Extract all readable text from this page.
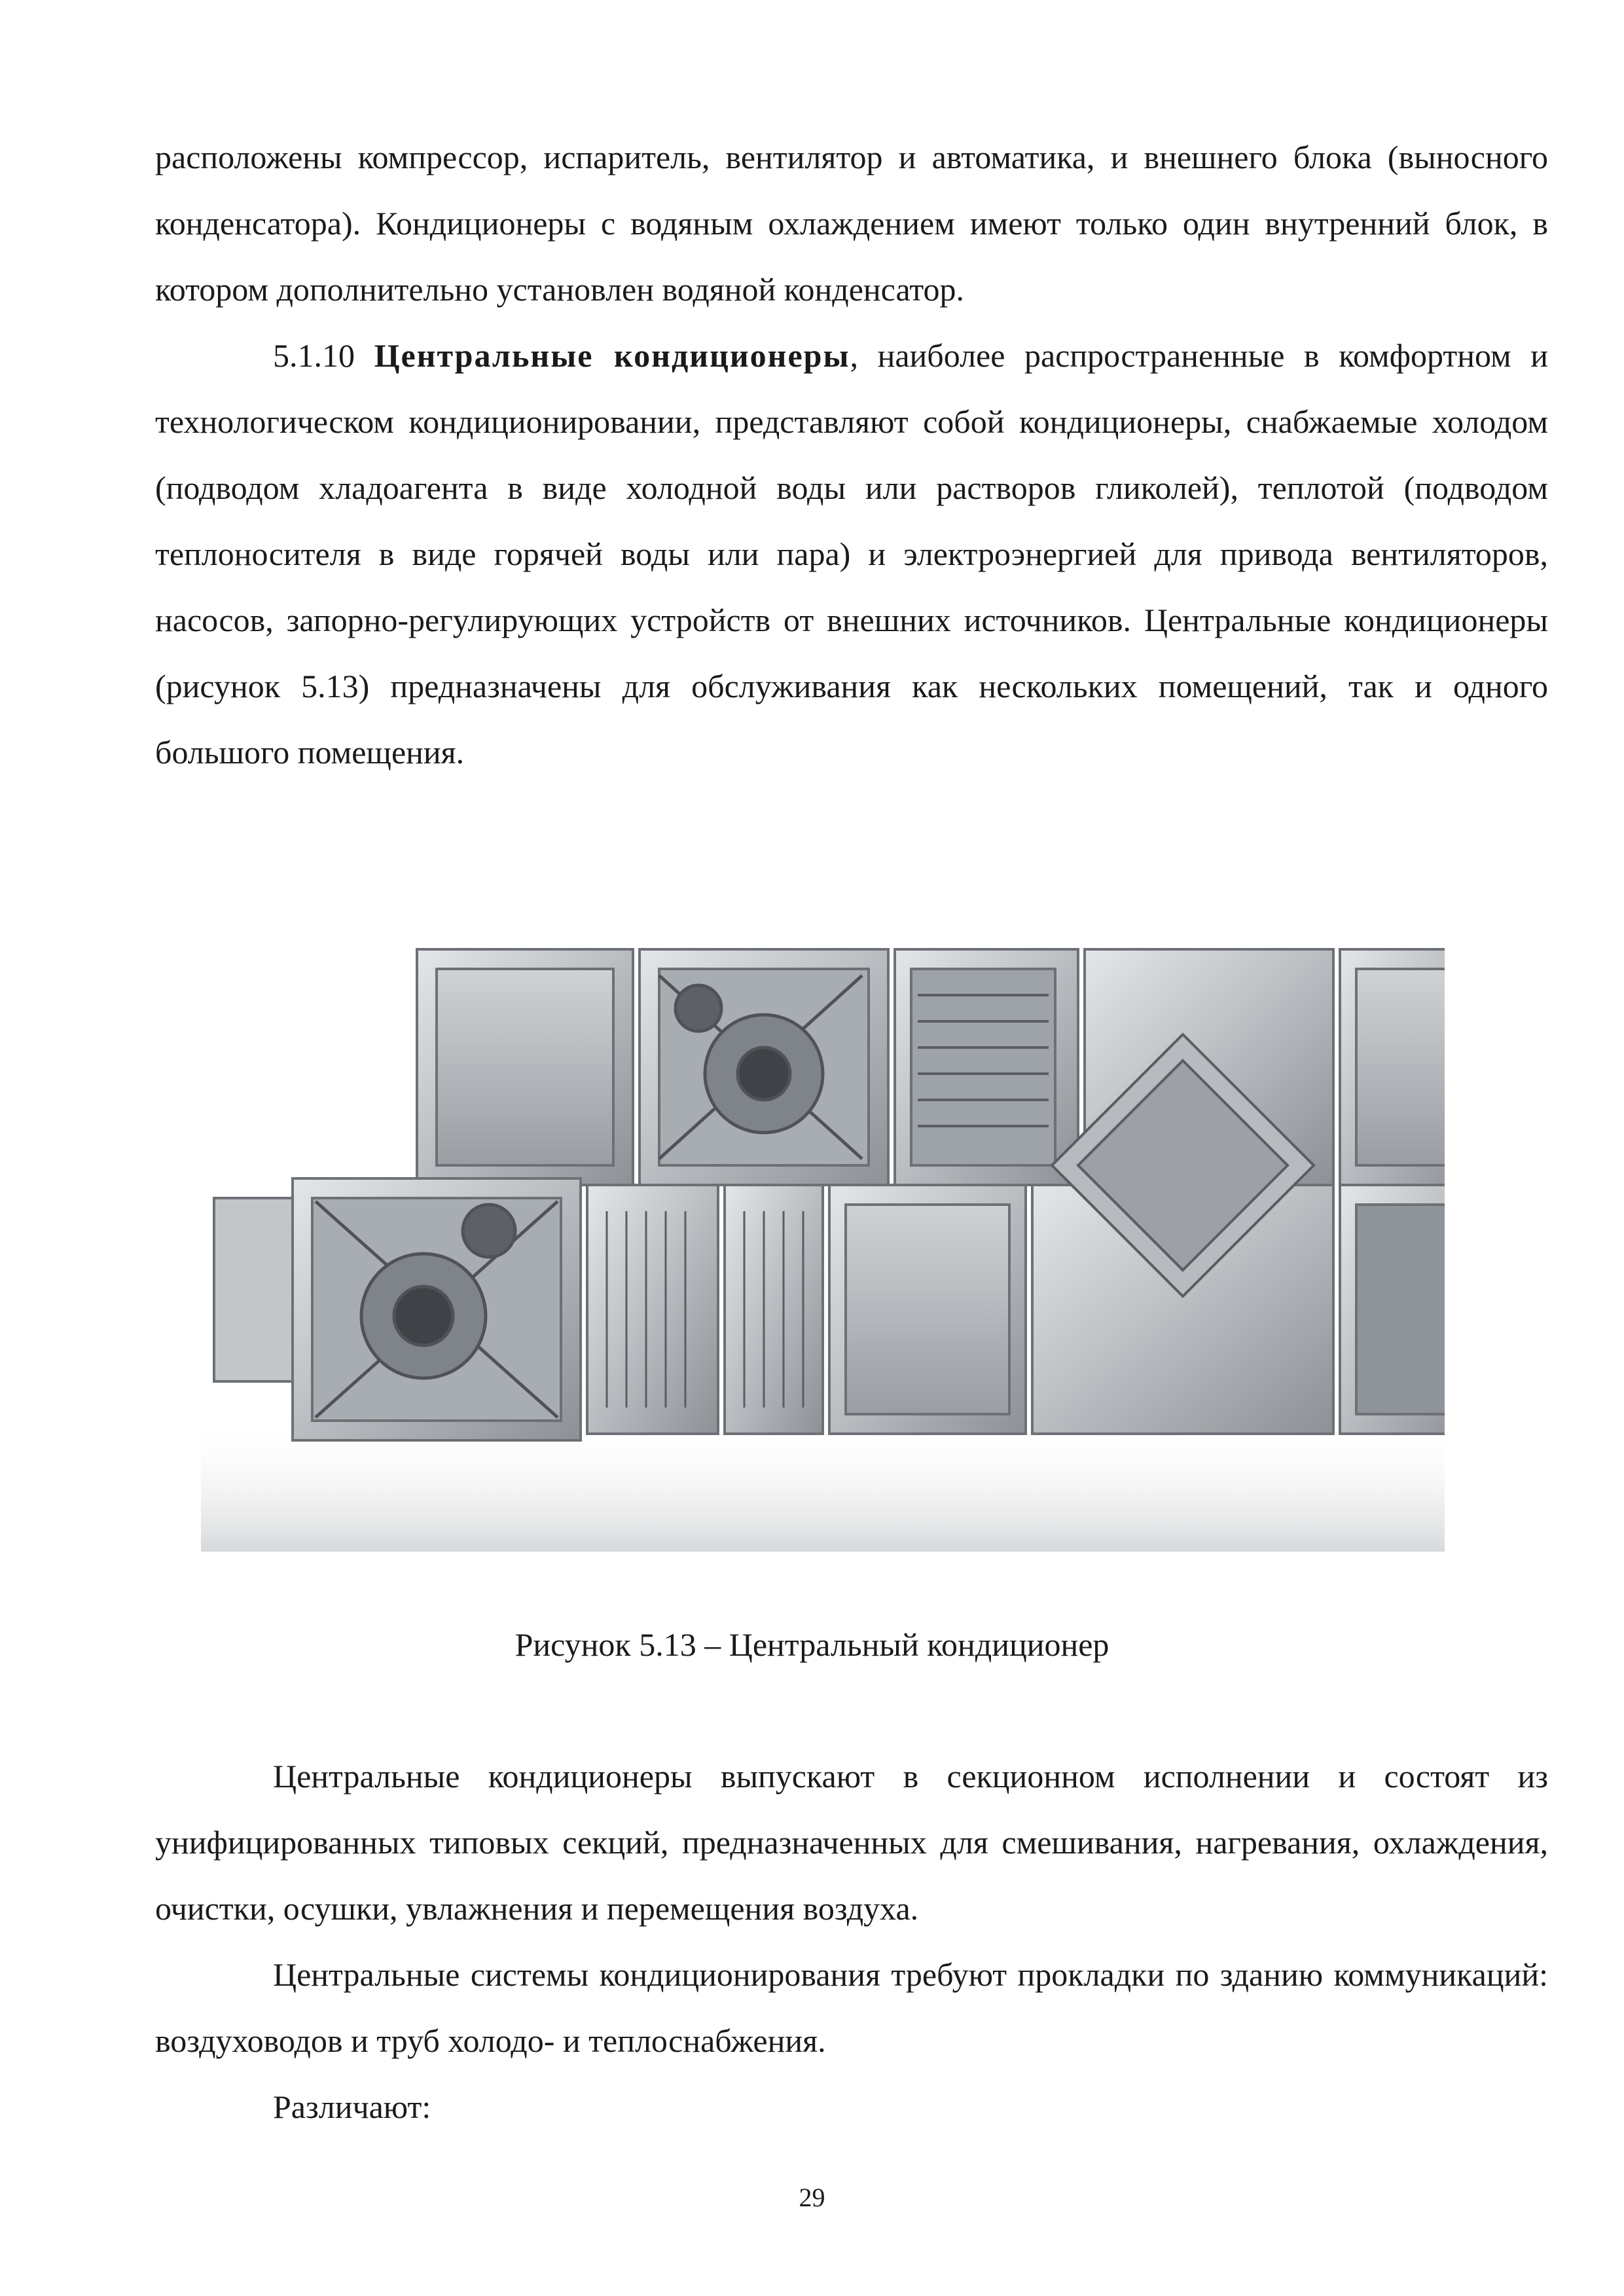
расположены компрессор, испаритель, вентилятор и автоматика, и внешнего блока (выносного конденсатора). Кондиционеры с водяным охлаждением имеют только один внутренний блок, в котором дополнительно установлен водяной конденсатор.

5.1.10 Центральные кондиционеры, наиболее распространенные в комфортном и технологическом кондиционировании, представляют собой кондиционеры, снабжаемые холодом (подводом хладоагента в виде холодной воды или растворов гликолей), теплотой (подводом теплоносителя в виде горячей воды или пара) и электроэнергией для привода вентиляторов, насосов, запорно-регулирующих устройств от внешних источников. Центральные кондиционеры (рисунок 5.13) предназначены для обслуживания как нескольких помещений, так и одного большого помещения.

Рисунок 5.13 – Центральный кондиционер

Центральные кондиционеры выпускают в секционном исполнении и состоят из унифицированных типовых секций, предназначенных для смешивания, нагревания, охлаждения, очистки, осушки, увлажнения и перемещения воздуха.

Центральные системы кондиционирования требуют прокладки по зданию коммуникаций: воздуховодов и труб холодо- и теплоснабжения.

Различают:

29
